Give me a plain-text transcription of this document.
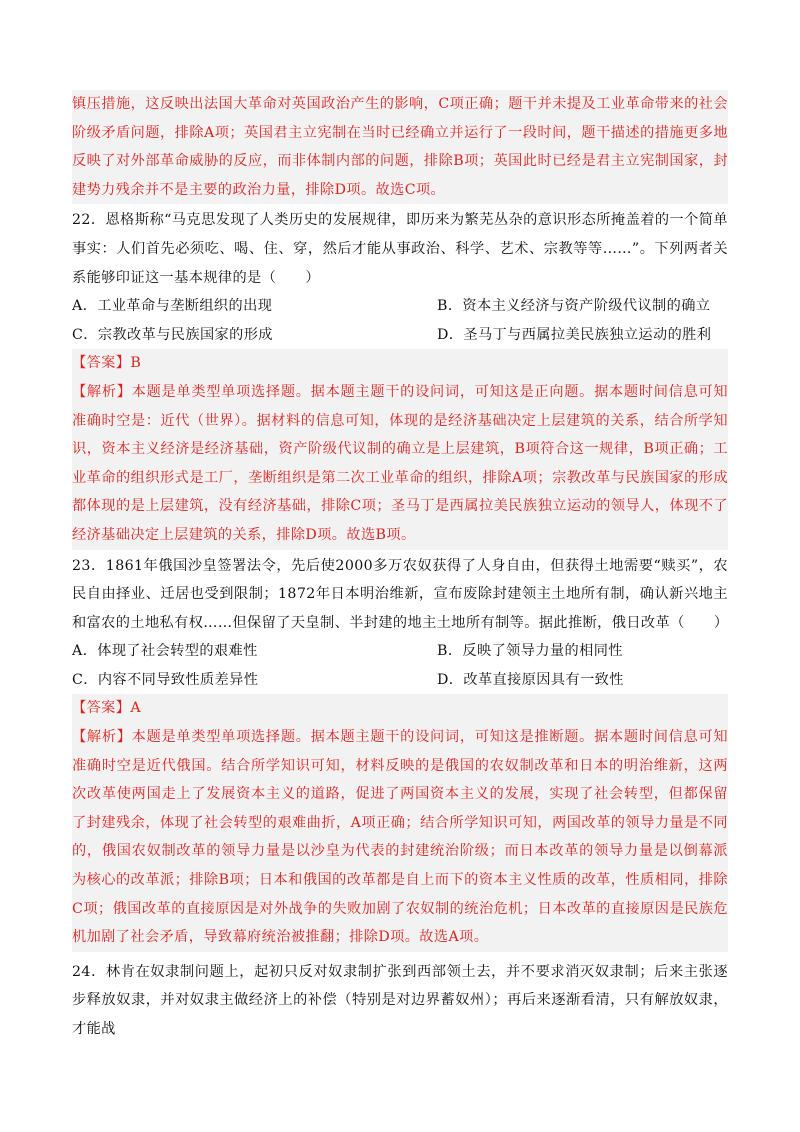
镇压措施，这反映出法国大革命对英国政治产生的影响，C项正确；题干并未提及工业革命带来的社会阶级矛盾问题，排除A项；英国君主立宪制在当时已经确立并运行了一段时间，题干描述的措施更多地反映了对外部革命威胁的反应，而非体制内部的问题，排除B项；英国此时已经是君主立宪制国家，封建势力残余并不是主要的政治力量，排除D项。故选C项。

22．恩格斯称“马克思发现了人类历史的发展规律，即历来为繁芜丛杂的意识形态所掩盖着的一个简单事实：人们首先必须吃、喝、住、穿，然后才能从事政治、科学、艺术、宗教等等……”。下列两者关系能够印证这一基本规律的是（　　）

A．工业革命与垄断组织的出现	B．资本主义经济与资产阶级代议制的确立
C．宗教改革与民族国家的形成	D．圣马丁与西属拉美民族独立运动的胜利

【答案】B

【解析】本题是单类型单项选择题。据本题主题干的设问词，可知这是正向题。据本题时间信息可知准确时空是：近代（世界）。据材料的信息可知，体现的是经济基础决定上层建筑的关系，结合所学知识，资本主义经济是经济基础，资产阶级代议制的确立是上层建筑，B项符合这一规律，B项正确；工业革命的组织形式是工厂，垄断组织是第二次工业革命的组织，排除A项；宗教改革与民族国家的形成都体现的是上层建筑，没有经济基础，排除C项；圣马丁是西属拉美民族独立运动的领导人，体现不了经济基础决定上层建筑的关系，排除D项。故选B项。

23．1861年俄国沙皇签署法令，先后使2000多万农奴获得了人身自由，但获得土地需要“赎买”，农民自由择业、迁居也受到限制；1872年日本明治维新，宣布废除封建领主土地所有制，确认新兴地主和富农的土地私有权……但保留了天皇制、半封建的地主土地所有制等。据此推断，俄日改革（　　）

A．体现了社会转型的艰难性	B．反映了领导力量的相同性
C．内容不同导致性质差异性	D．改革直接原因具有一致性

【答案】A

【解析】本题是单类型单项选择题。据本题主题干的设问词，可知这是推断题。据本题时间信息可知准确时空是近代俄国。结合所学知识可知，材料反映的是俄国的农奴制改革和日本的明治维新，这两次改革使两国走上了发展资本主义的道路，促进了两国资本主义的发展，实现了社会转型，但都保留了封建残余，体现了社会转型的艰难曲折，A项正确；结合所学知识可知，两国改革的领导力量是不同的，俄国农奴制改革的领导力量是以沙皇为代表的封建统治阶级；而日本改革的领导力量是以倒幕派为核心的改革派；排除B项；日本和俄国的改革都是自上而下的资本主义性质的改革，性质相同，排除C项；俄国改革的直接原因是对外战争的失败加剧了农奴制的统治危机；日本改革的直接原因是民族危机加剧了社会矛盾，导致幕府统治被推翻；排除D项。故选A项。

24．林肯在奴隶制问题上，起初只反对奴隶制扩张到西部领土去，并不要求消灭奴隶制；后来主张逐步释放奴隶，并对奴隶主做经济上的补偿（特别是对边界蓄奴州）；再后来逐渐看清，只有解放奴隶，才能战
